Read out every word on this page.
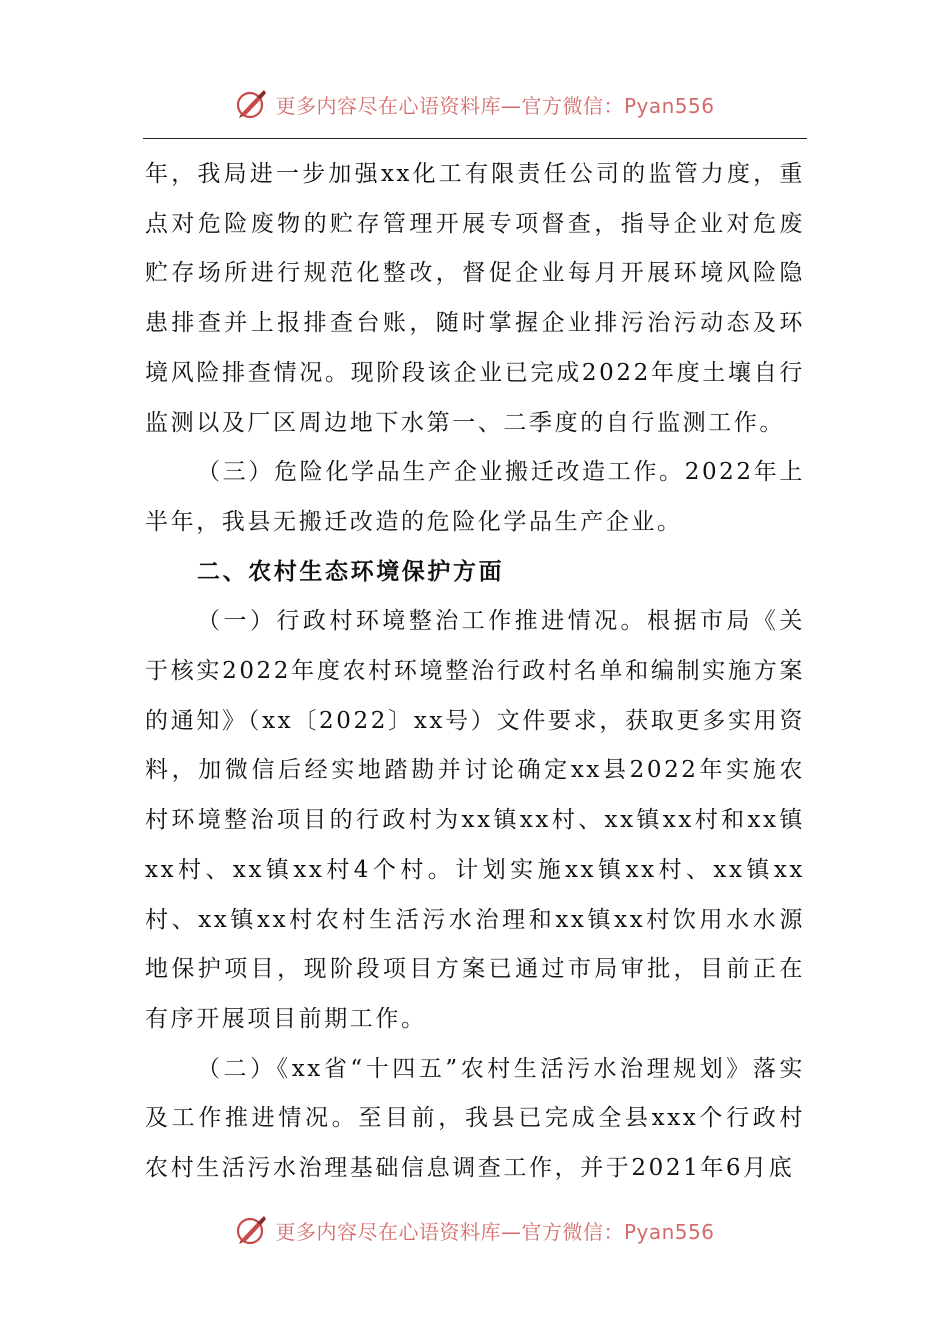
更多内容尽在心语资料库—官方微信：Pyan556

年，我局进一步加强xx化工有限责任公司的监管力度，重点对危险废物的贮存管理开展专项督查，指导企业对危废贮存场所进行规范化整改，督促企业每月开展环境风险隐患排查并上报排查台账，随时掌握企业排污治污动态及环境风险排查情况。现阶段该企业已完成2022年度土壤自行监测以及厂区周边地下水第一、二季度的自行监测工作。

（三）危险化学品生产企业搬迁改造工作。2022年上半年，我县无搬迁改造的危险化学品生产企业。

二、农村生态环境保护方面

（一）行政村环境整治工作推进情况。根据市局《关于核实2022年度农村环境整治行政村名单和编制实施方案的通知》（xx〔2022〕xx号）文件要求，获取更多实用资料，加微信后经实地踏勘并讨论确定xx县2022年实施农村环境整治项目的行政村为xx镇xx村、xx镇xx村和xx镇xx村、xx镇xx村4个村。计划实施xx镇xx村、xx镇xx村、xx镇xx村农村生活污水治理和xx镇xx村饮用水水源地保护项目，现阶段项目方案已通过市局审批，目前正在有序开展项目前期工作。

（二）《xx省“十四五”农村生活污水治理规划》落实及工作推进情况。至目前，我县已完成全县xxx个行政村农村生活污水治理基础信息调查工作，并于2021年6月底

更多内容尽在心语资料库—官方微信：Pyan556
